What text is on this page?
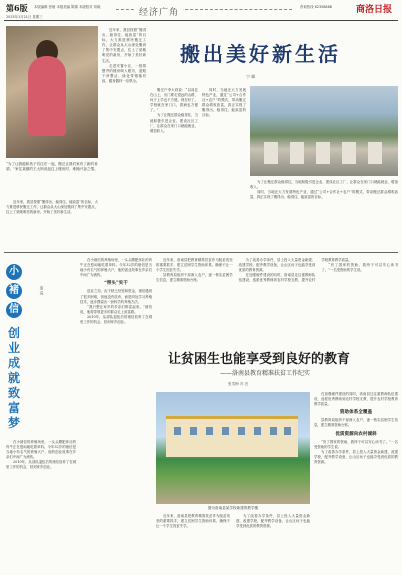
第6版 本版编辑 张敏 本版美编 陈锦 本版校对 刘晓
2015年1月21日 星期三	经济广角
咨询热线 62358888	商洛日报
“为了让我能和孩子们住在一起，搬迁让我们家有了新的希望。”家住某镇的王大妈说起住上楼房时，难掩兴奋之情。
搬出美好新生活
宁 峰

近年来，我县按照“搬得出、稳得住、能致富”的目标，大力推进移民搬迁工作，让群众从大山深处搬到了集中安置点，住上了宽敞明亮的新房，开始了美好新生活。

走进安置小区，一排排整齐的楼房映入眼帘，道路干净整洁，绿化带错落有致，健身器材一应俱全。

搬迁户李大叔说：“以前住在山上，出门要走很远的山路，孩子上学也不方便。现在好了，学校就在家门口，看病也方便了。”

为了让搬迁群众稳得住，当地积极引进企业，建设社区工厂，让群众在家门口就能就业，增加收入。

同时，当地还大力发展特色产业，通过“公司+合作社+农户”的模式，带动搬迁群众增收致富，真正实现了搬得出、稳得住、能致富的目标。

为了让搬迁群众稳得住，当地积极引进企业，建设社区工厂，让群众在家门口就能就业，增加收入。

同时，当地还大力发展特色产业，通过“公司+合作社+农户”的模式，带动搬迁群众增收致富，真正实现了搬得出、稳得住、能致富的目标。

近年来，我县按照“搬得出、稳得住、能致富”的目标，大力推进移民搬迁工作，让群众从大山深处搬到了集中安置点，住上了宽敞明亮的新房，开始了美好新生活。

小
褚
信
创
业
成
就
致
富
梦
庞 虎

在小褚信的养殖场里，一头头膘肥体壮的肉牛正在悠闲地吃着草料。今年32岁的褚信是当地小有名气的养殖大户，他的创业故事在乡亲们中间广为流传。

2010年，从部队退伍后的褚信放弃了在城里工作的机会，回到家乡创业。

在小褚信的养殖场里，一头头膘肥体壮的肉牛正在悠闲地吃着草料。今年32岁的褚信是当地小有名气的养殖大户，他的创业故事在乡亲们中间广为流传。

“带头”实干

创业之初，由于缺乏经验和资金，褚信遇到了很多困难，但他没有放弃，而是四处学习养殖技术，逐步摸索出一套科学的养殖方法。

“我只想让家乡的乡亲们都富起来。”褚信说，他将带领更多的群众走上致富路。

2010年，从部队退伍后的褚信放弃了在城里工作的机会，回到家乡创业。

近年来，洛南县把教育精准扶贫作为脱贫攻坚的重要抓手，建立贫困学生资助体系，确保不让一个学生因贫失学。

县教育局组织干部深入农户，逐一核实贫困学生信息，建立精准资助台账。

为了改善办学条件，县上投入大量资金新建、改建学校，配齐教学设备，让山区孩子也能享受到优质的教育资源。

在加强硬件建设的同时，洛南县还注重教师队伍建设，选派优秀教师到农村学校支教，提升农村学校教育教学质量。

“有了国家的资助，我终于可以安心读书了。”一名受资助的学生说。

让贫困生也能享受到良好的教育
——洛南县教育精准扶贫工作纪实
张雪梅 冯 亮
图为洛南县某学校新建的教学楼

近年来，洛南县把教育精准扶贫作为脱贫攻坚的重要抓手，建立贫困学生资助体系，确保不让一个学生因贫失学。

为了改善办学条件，县上投入大量资金新建、改建学校，配齐教学设备，让山区孩子也能享受到优质的教育资源。

在加强硬件建设的同时，洛南县还注重教师队伍建设，选派优秀教师到农村学校支教，提升农村学校教育教学质量。

资助体系全覆盖

县教育局组织干部深入农户，逐一核实贫困学生信息，建立精准资助台账。

优质资源向农村倾斜

“有了国家的资助，我终于可以安心读书了。”一名受资助的学生说。

为了改善办学条件，县上投入大量资金新建、改建学校，配齐教学设备，让山区孩子也能享受到优质的教育资源。
